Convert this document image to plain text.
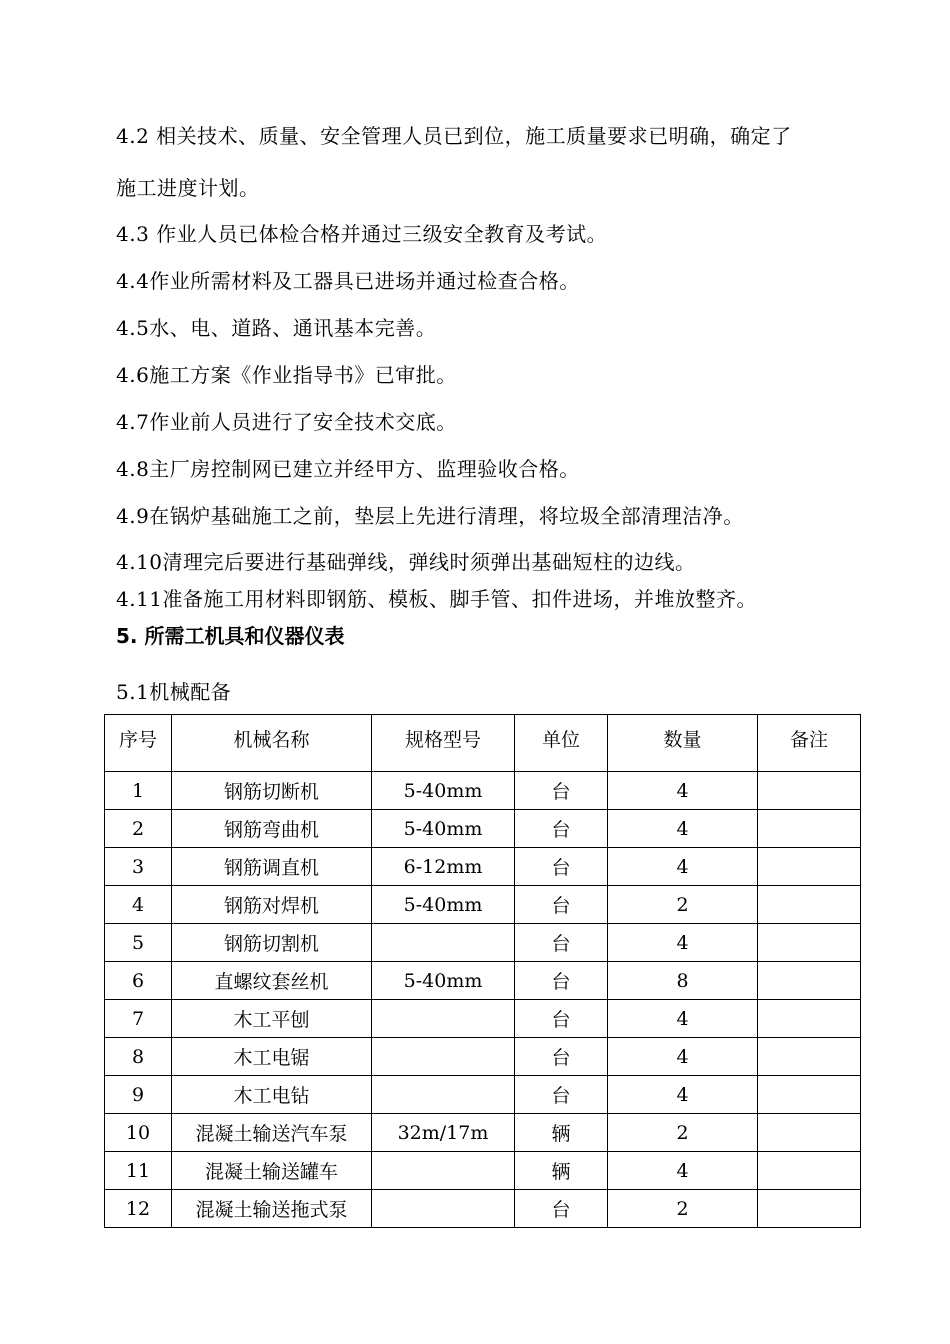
4.2 相关技术、质量、安全管理人员已到位，施工质量要求已明确，确定了
施工进度计划。
4.3 作业人员已体检合格并通过三级安全教育及考试。
4.4作业所需材料及工器具已进场并通过检查合格。
4.5水、电、道路、通讯基本完善。
4.6施工方案《作业指导书》已审批。
4.7作业前人员进行了安全技术交底。
4.8主厂房控制网已建立并经甲方、监理验收合格。
4.9在锅炉基础施工之前，垫层上先进行清理，将垃圾全部清理洁净。
4.10清理完后要进行基础弹线，弹线时须弹出基础短柱的边线。
4.11准备施工用材料即钢筋、模板、脚手管、扣件进场，并堆放整齐。
5. 所需工机具和仪器仪表
5.1机械配备
序号	机械名称	规格型号	单位	数量	备注
1	钢筋切断机	5-40mm	台	4	
2	钢筋弯曲机	5-40mm	台	4	
3	钢筋调直机	6-12mm	台	4	
4	钢筋对焊机	5-40mm	台	2	
5	钢筋切割机		台	4	
6	直螺纹套丝机	5-40mm	台	8	
7	木工平刨		台	4	
8	木工电锯		台	4	
9	木工电钻		台	4	
10	混凝土输送汽车泵	32m/17m	辆	2	
11	混凝土输送罐车		辆	4	
12	混凝土输送拖式泵		台	2	
